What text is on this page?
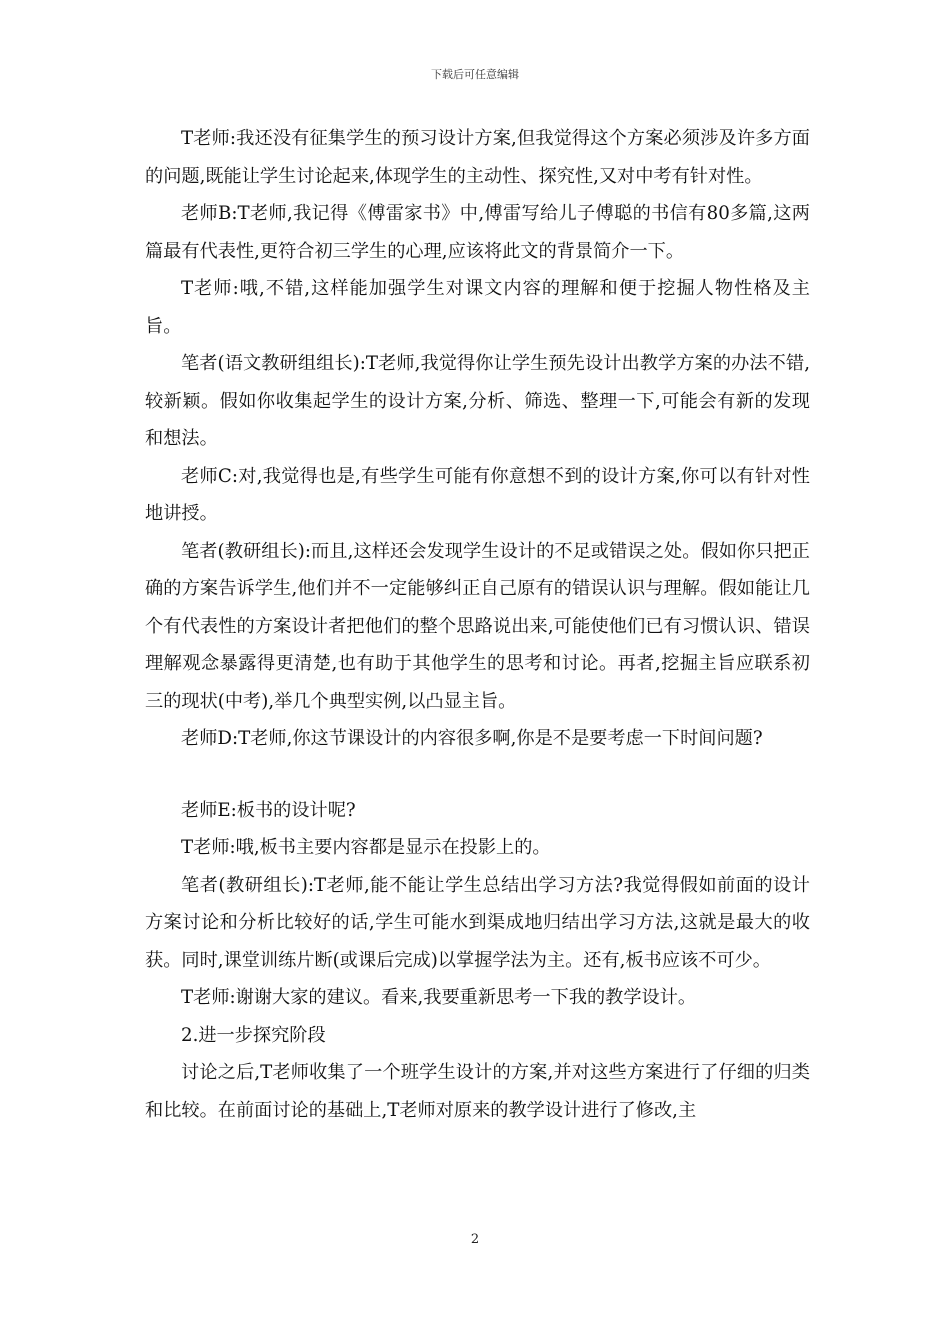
下载后可任意编辑

T老师:我还没有征集学生的预习设计方案,但我觉得这个方案必须涉及许多方面的问题,既能让学生讨论起来,体现学生的主动性、探究性,又对中考有针对性。

老师B:T老师,我记得《傅雷家书》中,傅雷写给儿子傅聪的书信有80多篇,这两篇最有代表性,更符合初三学生的心理,应该将此文的背景简介一下。

T老师:哦,不错,这样能加强学生对课文内容的理解和便于挖掘人物性格及主旨。

笔者(语文教研组组长):T老师,我觉得你让学生预先设计出教学方案的办法不错,较新颖。假如你收集起学生的设计方案,分析、筛选、整理一下,可能会有新的发现和想法。

老师C:对,我觉得也是,有些学生可能有你意想不到的设计方案,你可以有针对性地讲授。

笔者(教研组长):而且,这样还会发现学生设计的不足或错误之处。假如你只把正确的方案告诉学生,他们并不一定能够纠正自己原有的错误认识与理解。假如能让几个有代表性的方案设计者把他们的整个思路说出来,可能使他们已有习惯认识、错误理解观念暴露得更清楚,也有助于其他学生的思考和讨论。再者,挖掘主旨应联系初三的现状(中考),举几个典型实例,以凸显主旨。

老师D:T老师,你这节课设计的内容很多啊,你是不是要考虑一下时间问题?

老师E:板书的设计呢?

T老师:哦,板书主要内容都是显示在投影上的。

笔者(教研组长):T老师,能不能让学生总结出学习方法?我觉得假如前面的设计方案讨论和分析比较好的话,学生可能水到渠成地归结出学习方法,这就是最大的收获。同时,课堂训练片断(或课后完成)以掌握学法为主。还有,板书应该不可少。

T老师:谢谢大家的建议。看来,我要重新思考一下我的教学设计。

2.进一步探究阶段

讨论之后,T老师收集了一个班学生设计的方案,并对这些方案进行了仔细的归类和比较。在前面讨论的基础上,T老师对原来的教学设计进行了修改,主

2
